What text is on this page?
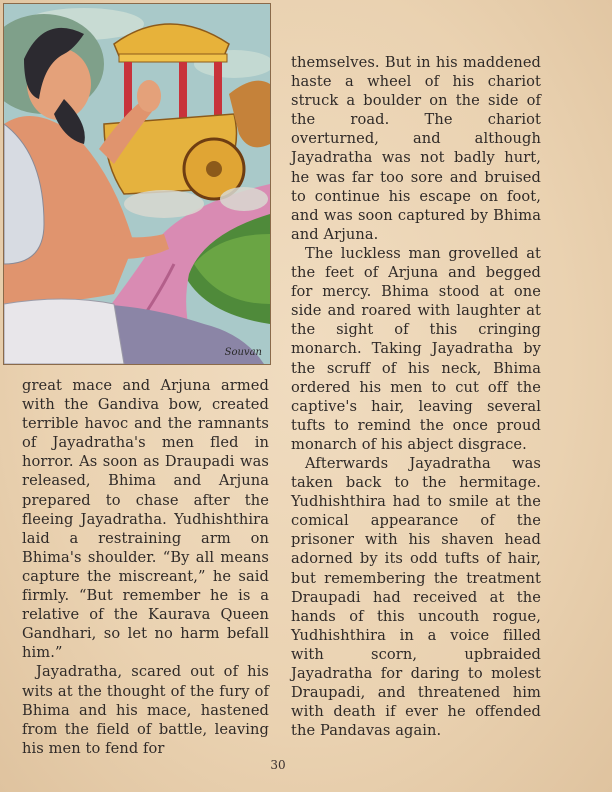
Souvan

great mace and Arjuna armed with the Gandiva bow, created terrible havoc and the ramnants of Jayadratha's men fled in horror. As soon as Draupadi was released, Bhima and Arjuna prepared to chase after the fleeing Jayadratha. Yudhishthira laid a restraining arm on Bhima's shoulder. “By all means capture the miscreant,” he said firmly. “But remember he is a relative of the Kaurava Queen Gandhari, so let no harm befall him.”

Jayadratha, scared out of his wits at the thought of the fury of Bhima and his mace, hastened from the field of battle, leaving his men to fend for

themselves. But in his maddened haste a wheel of his chariot struck a boulder on the side of the road. The chariot overturned, and although Jayadratha was not badly hurt, he was far too sore and bruised to continue his escape on foot, and was soon captured by Bhima and Arjuna.

The luckless man grovelled at the feet of Arjuna and begged for mercy. Bhima stood at one side and roared with laughter at the sight of this cringing monarch. Taking Jayadratha by the scruff of his neck, Bhima ordered his men to cut off the captive's hair, leaving several tufts to remind the once proud monarch of his abject disgrace.

Afterwards Jayadratha was taken back to the hermitage. Yudhishthira had to smile at the comical appearance of the prisoner with his shaven head adorned by its odd tufts of hair, but remembering the treatment Draupadi had received at the hands of this uncouth rogue, Yudhishthira in a voice filled with scorn, upbraided Jayadratha for daring to molest Draupadi, and threatened him with death if ever he offended the Pandavas again.

30
